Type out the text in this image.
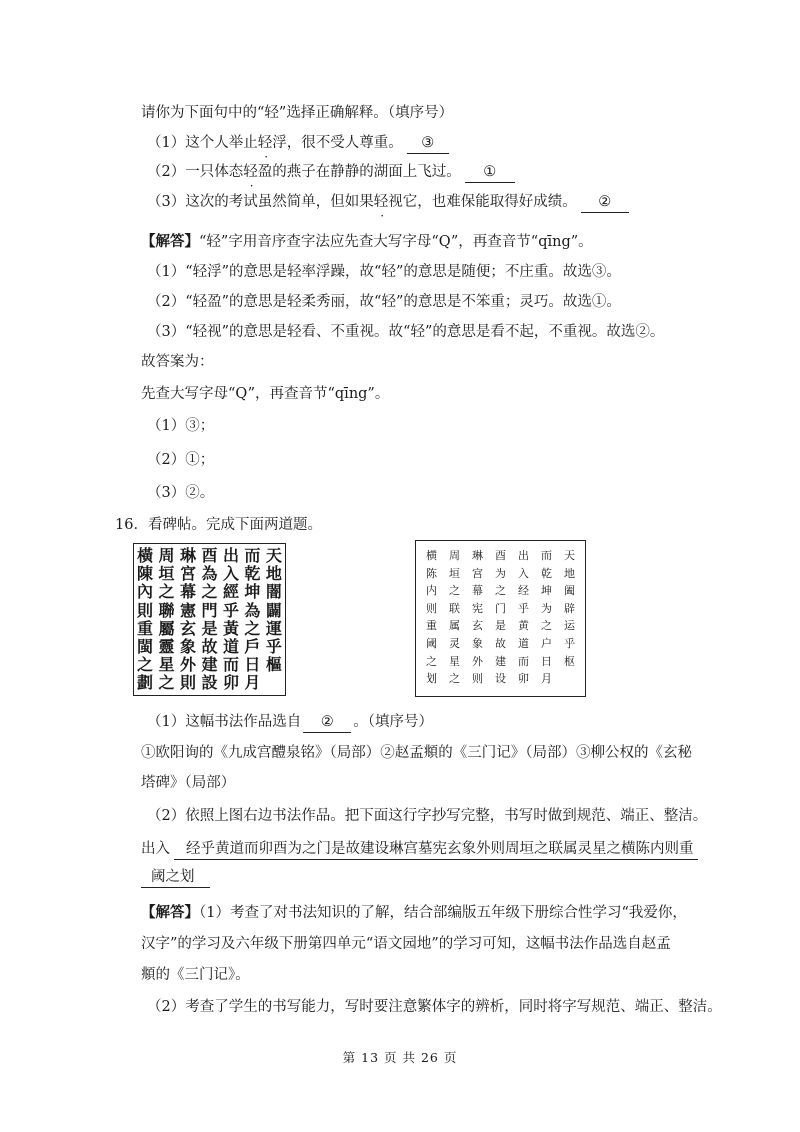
请你为下面句中的“轻”选择正确解释。（填序号）
（1）这个人举止轻浮，很不受人尊重。 ③
（2）一只体态轻盈的燕子在静静的湖面上飞过。 ①
（3）这次的考试虽然简单，但如果轻视它，也难保能取得好成绩。 ②
【解答】“轻”字用音序查字法应先查大写字母“Q”，再查音节“qīng”。
（1）“轻浮”的意思是轻率浮躁，故“轻”的意思是随便；不庄重。故选③。
（2）“轻盈”的意思是轻柔秀丽，故“轻”的意思是不笨重；灵巧。故选①。
（3）“轻视”的意思是轻看、不重视。故“轻”的意思是看不起，不重视。故选②。
故答案为：
先查大写字母“Q”，再查音节“qīng”。
（1）③；
（2）①；
（3）②。
16．看碑帖。完成下面两道题。
天
地
闇
闢
運
乎
樞
而
乾
坤
為
之
戶
日
月
出
入
經
乎
黃
道
而
卯
酉
為
之
門
是
故
建
設
琳
宮
幕
憲
玄
象
外
則
周
垣
之
聯
屬
靈
星
之
橫
陳
內
則
重
閩
之
劃
天
地
阖
辟
运
乎
枢
而
乾
坤
为
之
户
日
月
出
入
经
乎
黄
道
而
卯
酉
为
之
门
是
故
建
设
琳
宫
幕
宪
玄
象
外
则
周
垣
之
联
属
灵
星
之
横
陈
内
则
重
阈
之
划
（1）这幅书法作品选自 ② 。（填序号）
①欧阳询的《九成宫醴泉铭》（局部）②赵孟頫的《三门记》（局部）③柳公权的《玄秘
塔碑》（局部）
（2）依照上图右边书法作品。把下面这行字抄写完整，书写时做到规范、端正、整洁。
出入 经乎黄道而卯酉为之门是故建设琳宫墓宪玄象外则周垣之联属灵星之横陈内则重
阈之划
【解答】（1）考查了对书法知识的了解，结合部编版五年级下册综合性学习“我爱你，
汉字”的学习及六年级下册第四单元“语文园地”的学习可知，这幅书法作品选自赵孟
頫的《三门记》。
（2）考查了学生的书写能力，写时要注意繁体字的辨析，同时将字写规范、端正、整洁。
第 13 页 共 26 页
